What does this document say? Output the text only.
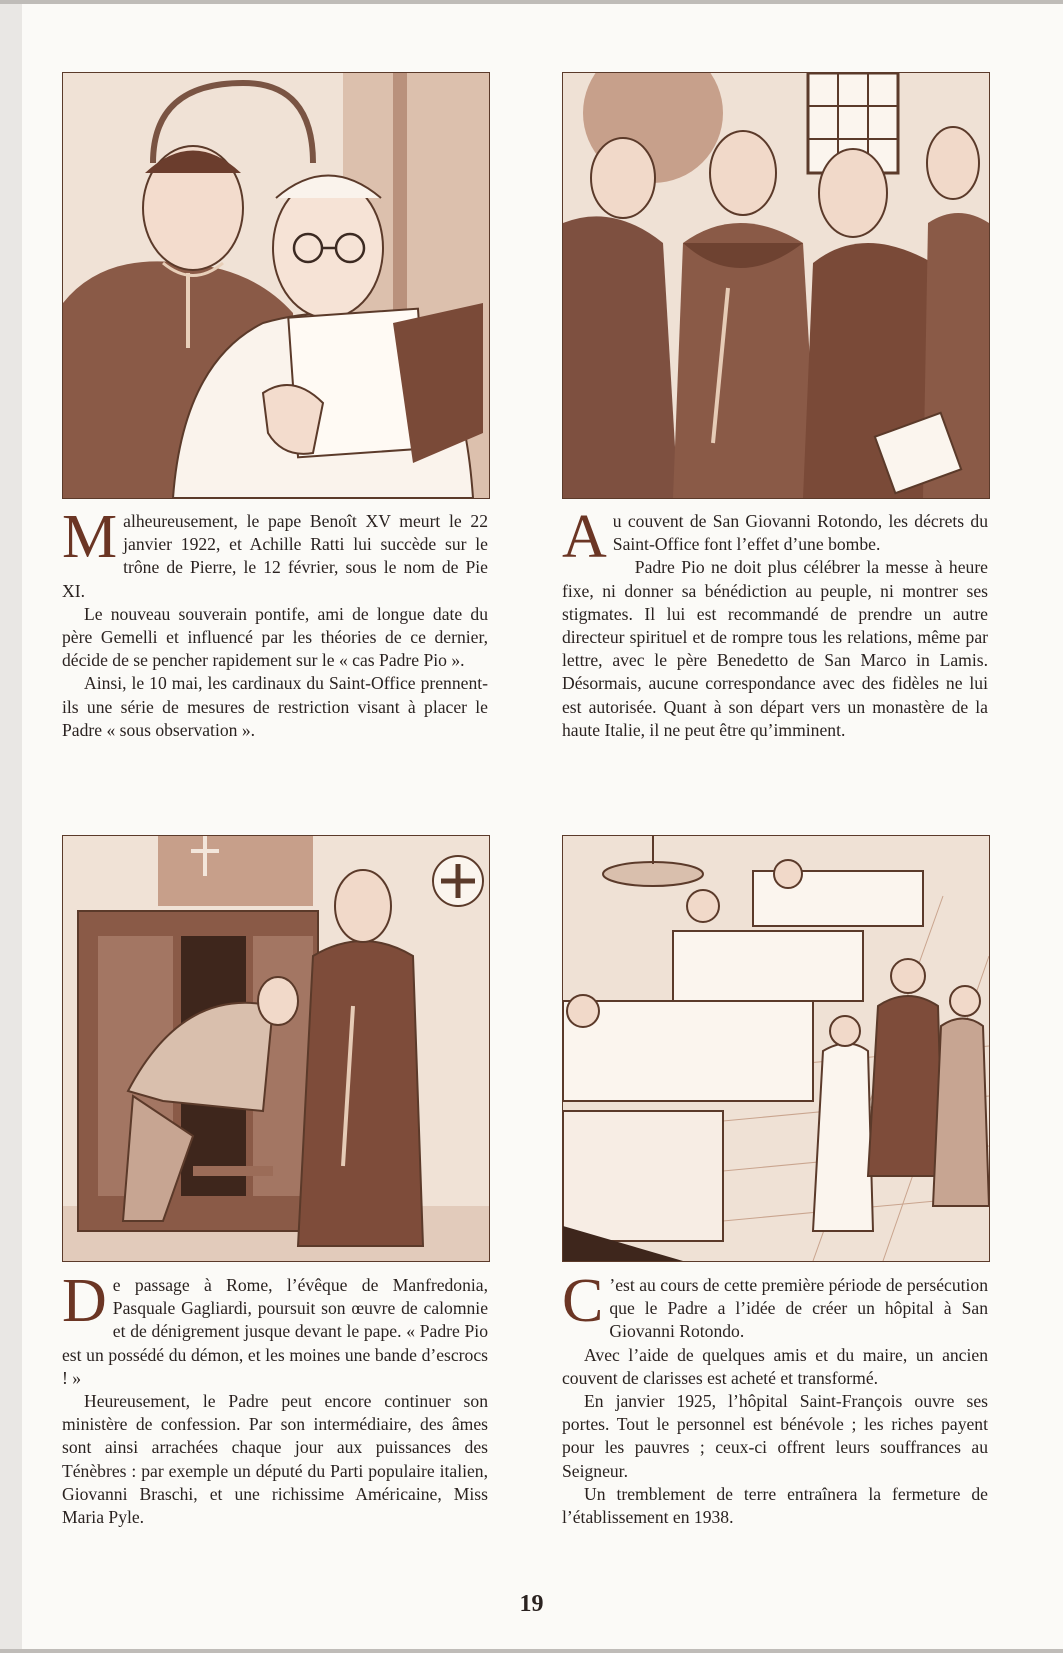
Malheureusement, le pape Benoît XV meurt le 22 janvier 1922, et Achille Ratti lui succède sur le trône de Pierre, le 12 février, sous le nom de Pie XI.

Le nouveau souverain pontife, ami de longue date du père Gemelli et influencé par les théories de ce dernier, décide de se pencher rapidement sur le « cas Padre Pio ».

Ainsi, le 10 mai, les cardinaux du Saint-Office prennent-ils une série de mesures de restriction visant à placer le Padre « sous observation ».

Au couvent de San Giovanni Rotondo, les décrets du Saint-Office font l’effet d’une bombe.

Padre Pio ne doit plus célébrer la messe à heure fixe, ni donner sa bénédiction au peuple, ni montrer ses stigmates. Il lui est recommandé de prendre un autre directeur spirituel et de rompre tous les relations, même par lettre, avec le père Benedetto de San Marco in Lamis. Désormais, aucune correspondance avec des fidèles ne lui est autorisée. Quant à son départ vers un monastère de la haute Italie, il ne peut être qu’imminent.

De passage à Rome, l’évêque de Manfredonia, Pasquale Gagliardi, poursuit son œuvre de calomnie et de dénigrement jusque devant le pape. « Padre Pio est un possédé du démon, et les moines une bande d’escrocs ! »

Heureusement, le Padre peut encore continuer son ministère de confession. Par son intermédiaire, des âmes sont ainsi arrachées chaque jour aux puissances des Ténèbres : par exemple un député du Parti populaire italien, Giovanni Braschi, et une richissime Américaine, Miss Maria Pyle.

C ’est au cours de cette première période de persécution que le Padre a l’idée de créer un hôpital à San Giovanni Rotondo.

Avec l’aide de quelques amis et du maire, un ancien couvent de clarisses est acheté et transformé.

En janvier 1925, l’hôpital Saint-François ouvre ses portes. Tout le personnel est bénévole ; les riches payent pour les pauvres ; ceux-ci offrent leurs souffrances au Seigneur.

Un tremblement de terre entraînera la fermeture de l’établissement en 1938.

19
